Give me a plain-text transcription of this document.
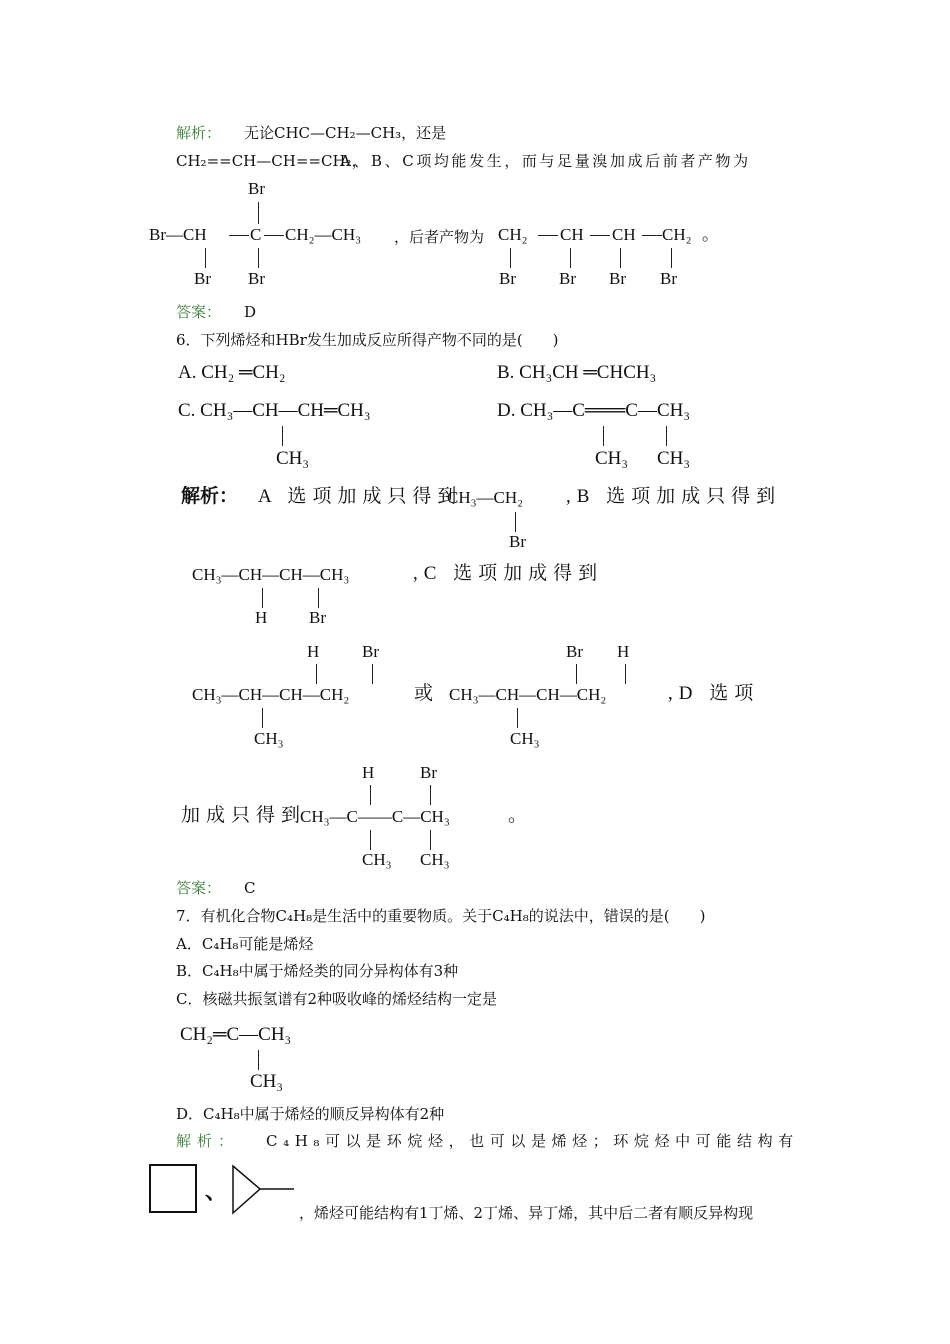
解析： 无论CHC—CH₂—CH₃，还是
CH₂==CH—CH==CH₂，
A、B、C项均能发生，而与足量溴加成后前者产物为
Br
Br—CH	C CH₂—CH₃
Br Br
，后者产物为 CH₂ CH CH CH₂ 。
Br	Br Br Br
答案： D
6．下列烯烃和HBr发生加成反应所得产物不同的是(　　)
A. CH₂ ═CH₂	B. CH₃CH ═CHCH₃
C. CH₃—CH—CH═CH₃
CH₃
D. CH₃—C═══C—CH₃
CH₃ CH₃
解析： A 选项加成只得到
CH₃—CH₂
Br
,B 选项加成只得到
CH₃—CH—CH—CH₃
H Br
,C 选项加成得到
H	Br
CH₃—CH—CH—CH₂
CH₃
或
Br H
CH₃—CH—CH—CH₂
CH₃
,D 选项
H	Br
加成只得到
CH₃—C——C—CH₃	。
CH₃ CH₃
答案： C
7．有机化合物C₄H₈是生活中的重要物质。关于C₄H₈的说法中，错误的是(　　)
A．C₄H₈可能是烯烃
B．C₄H₈中属于烯烃类的同分异构体有3种
C．核磁共振氢谱有2种吸收峰的烯烃结构一定是
CH₂═C—CH₃
CH₃
D．C₄H₈中属于烯烃的顺反异构体有2种
解析： C₄H₈可以是环烷烃，也可以是烯烃；环烷烃中可能结构有
、
，烯烃可能结构有1丁烯、2丁烯、异丁烯，其中后二者有顺反异构现
